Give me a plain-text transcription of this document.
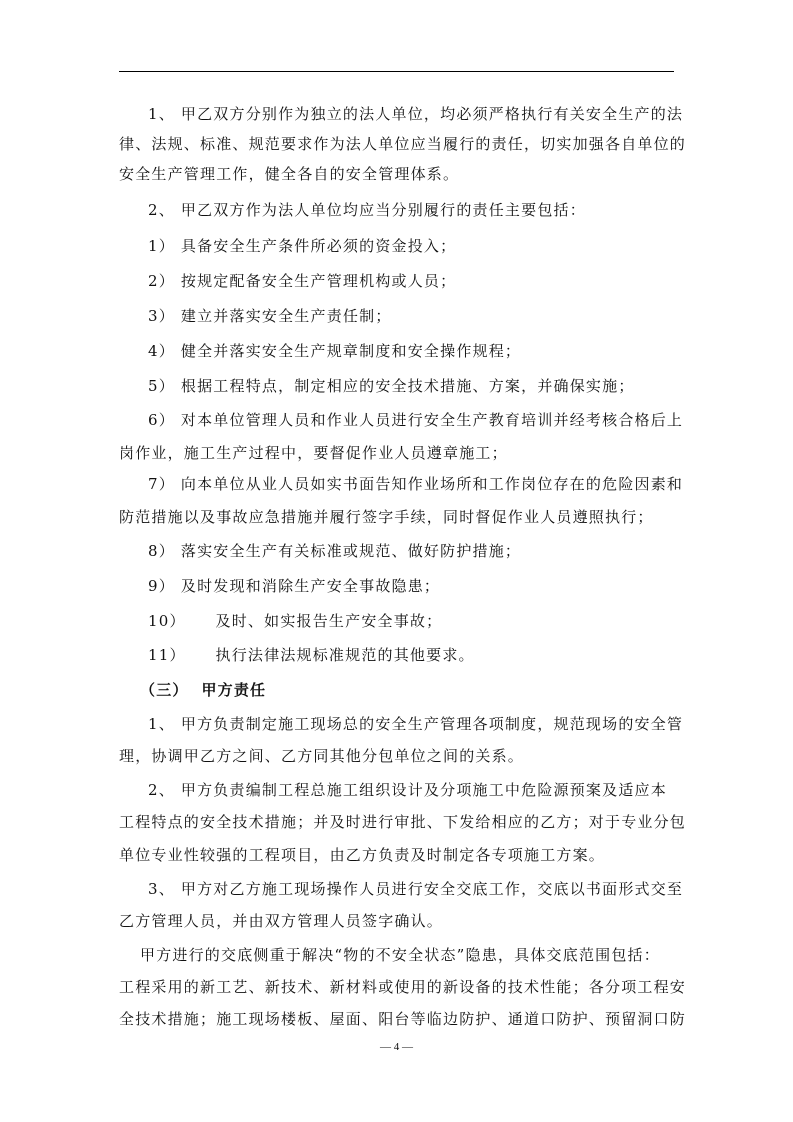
1、 甲乙双方分别作为独立的法人单位，均必须严格执行有关安全生产的法
律、法规、标准、规范要求作为法人单位应当履行的责任，切实加强各自单位的
安全生产管理工作，健全各自的安全管理体系。
2、 甲乙双方作为法人单位均应当分别履行的责任主要包括：
1） 具备安全生产条件所必须的资金投入；
2） 按规定配备安全生产管理机构或人员；
3） 建立并落实安全生产责任制；
4） 健全并落实安全生产规章制度和安全操作规程；
5） 根据工程特点，制定相应的安全技术措施、方案，并确保实施；
6） 对本单位管理人员和作业人员进行安全生产教育培训并经考核合格后上
岗作业，施工生产过程中，要督促作业人员遵章施工；
7） 向本单位从业人员如实书面告知作业场所和工作岗位存在的危险因素和
防范措施以及事故应急措施并履行签字手续，同时督促作业人员遵照执行；
8） 落实安全生产有关标准或规范、做好防护措施；
9） 及时发现和消除生产安全事故隐患；
10）     及时、如实报告生产安全事故；
11）     执行法律法规标准规范的其他要求。
（三）  甲方责任
1、 甲方负责制定施工现场总的安全生产管理各项制度，规范现场的安全管
理，协调甲乙方之间、乙方同其他分包单位之间的关系。
2、 甲方负责编制工程总施工组织设计及分项施工中危险源预案及适应本
工程特点的安全技术措施；并及时进行审批、下发给相应的乙方；对于专业分包
单位专业性较强的工程项目，由乙方负责及时制定各专项施工方案。
3、 甲方对乙方施工现场操作人员进行安全交底工作，交底以书面形式交至
乙方管理人员，并由双方管理人员签字确认。
甲方进行的交底侧重于解决“物的不安全状态”隐患，具体交底范围包括：
工程采用的新工艺、新技术、新材料或使用的新设备的技术性能；各分项工程安
全技术措施；施工现场楼板、屋面、阳台等临边防护、通道口防护、预留洞口防
— 4 —
